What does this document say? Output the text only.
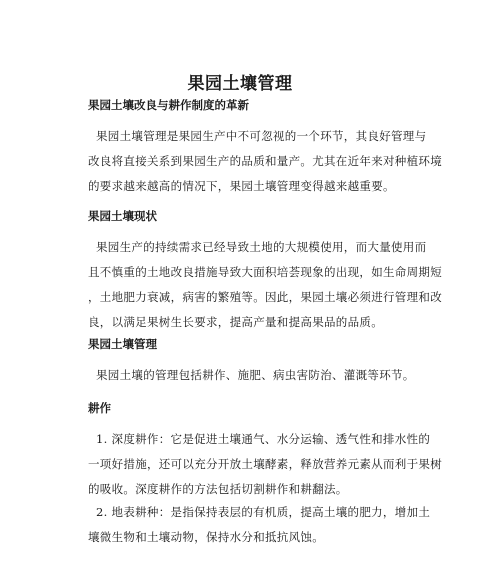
果园土壤管理
果园土壤改良与耕作制度的革新
果园土壤管理是果园生产中不可忽视的一个环节，其良好管理与
改良将直接关系到果园生产的品质和量产。尤其在近年来对种植环境
的要求越来越高的情况下，果园土壤管理变得越来越重要。
果园土壤现状
果园生产的持续需求已经导致土地的大规模使用，而大量使用而
且不慎重的土地改良措施导致大面积培荟现象的出现，如生命周期短
，土地肥力衰减，病害的繁殖等。因此，果园土壤必须进行管理和改
良，以满足果树生长要求，提高产量和提高果品的品质。
果园土壤管理
果园土壤的管理包括耕作、施肥、病虫害防治、灌溉等环节。
耕作
1. 深度耕作：它是促进土壤通气、水分运输、透气性和排水性的
一项好措施，还可以充分开放土壤酵素，释放营养元素从而利于果树
的吸收。深度耕作的方法包括切割耕作和耕翻法。
2. 地表耕种：是指保持表层的有机质，提高土壤的肥力，增加土
壤微生物和土壤动物，保持水分和抵抗风蚀。
